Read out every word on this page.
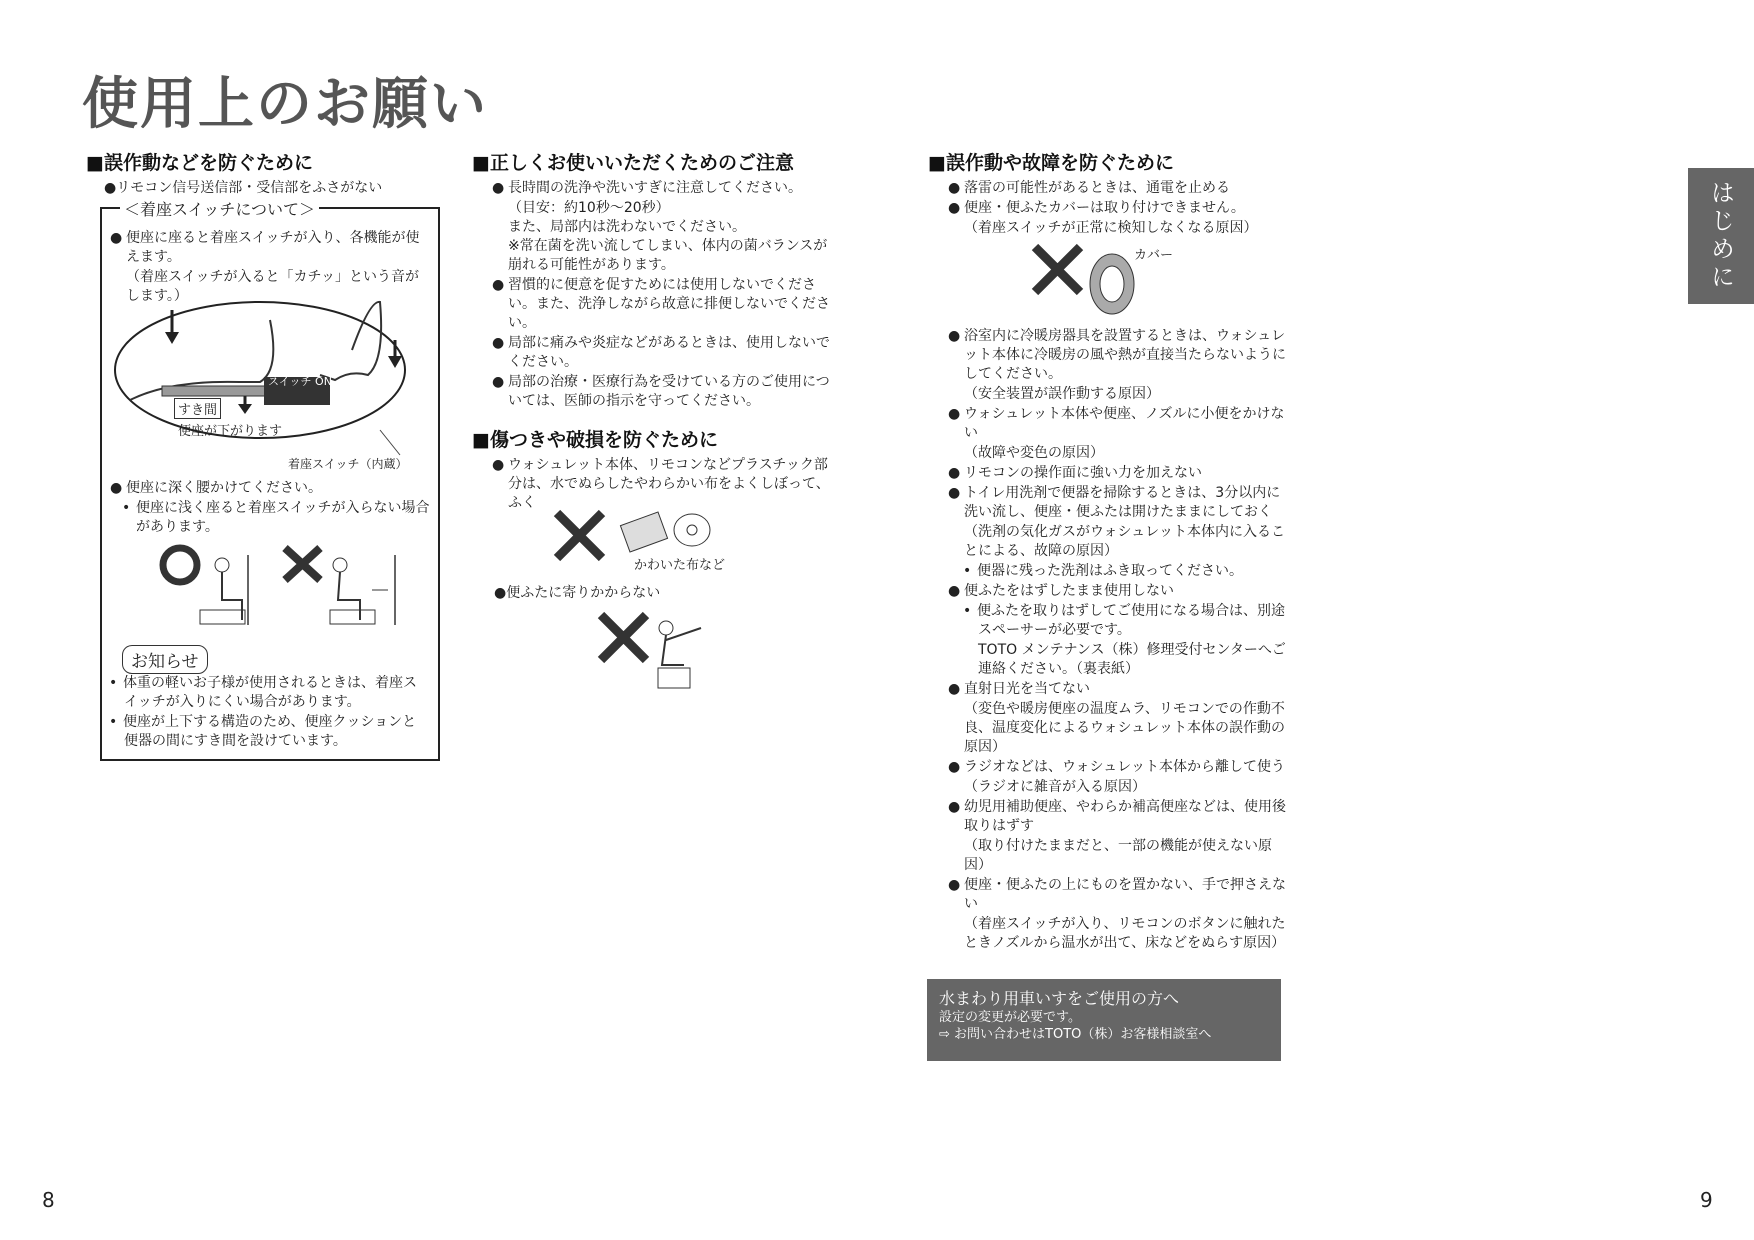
使用上のお願い
■誤作動などを防ぐために
●リモコン信号送信部・受信部をふさがない
＜着座スイッチについて＞
● 便座に座ると着座スイッチが入り、各機能が使えます。
（着座スイッチが入ると「カチッ」という音がします。）
スイッチ ON
すき間
便座が下がります
着座スイッチ（内蔵）
● 便座に深く腰かけてください。
• 便座に浅く座ると着座スイッチが入らない場合があります。
お知らせ
• 体重の軽いお子様が使用されるときは、着座スイッチが入りにくい場合があります。
• 便座が上下する構造のため、便座クッションと便器の間にすき間を設けています。
■正しくお使いいただくためのご注意
● 長時間の洗浄や洗いすぎに注意してください。
（目安：約10秒～20秒）
また、局部内は洗わないでください。
※常在菌を洗い流してしまい、体内の菌バランスが崩れる可能性があります。
● 習慣的に便意を促すためには使用しないでください。また、洗浄しながら故意に排便しないでください。
● 局部に痛みや炎症などがあるときは、使用しないでください。
● 局部の治療・医療行為を受けている方のご使用については、医師の指示を守ってください。
■傷つきや破損を防ぐために
● ウォシュレット本体、リモコンなどプラスチック部分は、水でぬらしたやわらかい布をよくしぼって、ふく
かわいた布など
●便ふたに寄りかからない
■誤作動や故障を防ぐために
● 落雷の可能性があるときは、通電を止める
● 便座・便ふたカバーは取り付けできません。
（着座スイッチが正常に検知しなくなる原因）
カバー
● 浴室内に冷暖房器具を設置するときは、ウォシュレット本体に冷暖房の風や熱が直接当たらないようにしてください。
（安全装置が誤作動する原因）
● ウォシュレット本体や便座、ノズルに小便をかけない
（故障や変色の原因）
● リモコンの操作面に強い力を加えない
● トイレ用洗剤で便器を掃除するときは、3分以内に洗い流し、便座・便ふたは開けたままにしておく
（洗剤の気化ガスがウォシュレット本体内に入ることによる、故障の原因）
• 便器に残った洗剤はふき取ってください。
● 便ふたをはずしたまま使用しない
• 便ふたを取りはずしてご使用になる場合は、別途スペーサーが必要です。
TOTO メンテナンス（株）修理受付センターへご連絡ください。（裏表紙）
● 直射日光を当てない
（変色や暖房便座の温度ムラ、リモコンでの作動不良、温度変化によるウォシュレット本体の誤作動の原因）
● ラジオなどは、ウォシュレット本体から離して使う
（ラジオに雑音が入る原因）
● 幼児用補助便座、やわらか補高便座などは、使用後取りはずす
（取り付けたままだと、一部の機能が使えない原因）
● 便座・便ふたの上にものを置かない、手で押さえない
（着座スイッチが入り、リモコンのボタンに触れたときノズルから温水が出て、床などをぬらす原因）
水まわり用車いすをご使用の方へ
設定の変更が必要です。
⇨ お問い合わせはTOTO（株）お客様相談室へ
はじめに
8	9
